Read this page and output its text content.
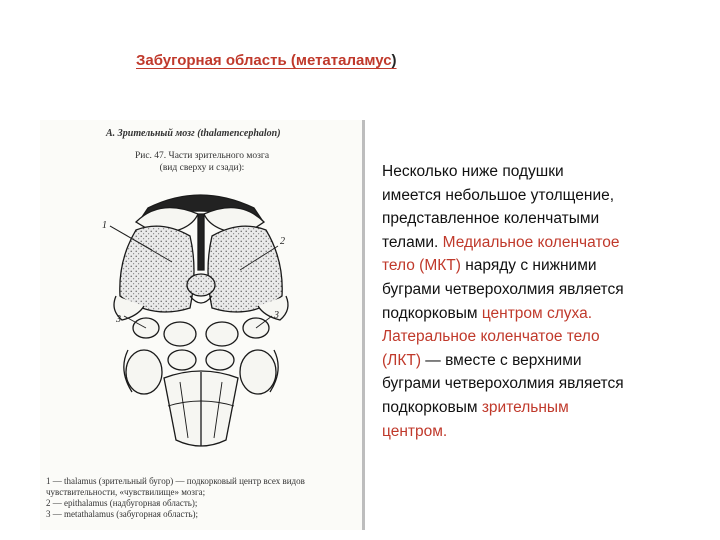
Забугорная область (метаталамус)
А. Зрительный мозг (thalamencephalon)
Рис. 47. Части зрительного мозга
(вид сверху и сзади):
1
2
3	3
1 — thalamus (зрительный бугор) — подкорковый центр всех видов
чувствительности, «чувствилище» мозга;
2 — epithalamus (надбугорная область);
3 — metathalamus (забугорная область);
Несколько ниже подушки
имеется небольшое утолщение,
представленное коленчатыми
телами. Медиальное коленчатое
тело (МКТ) наряду с нижними
буграми четверохолмия является
подкорковым центром слуха.
Латеральное коленчатое тело
(ЛКТ) — вместе с верхними
буграми четверохолмия является
подкорковым зрительным
центром.
